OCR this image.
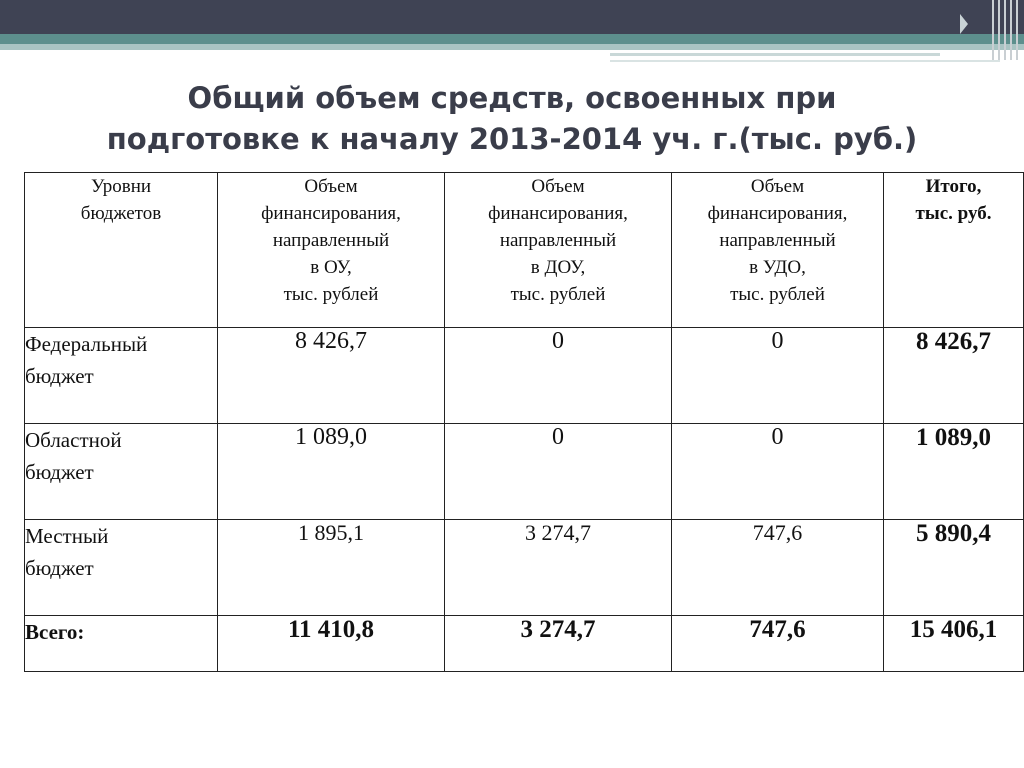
Общий объем средств, освоенных при
подготовке к началу 2013-2014 уч. г.(тыс. руб.)
Уровни
бюджетов	Объем
финансирования,
направленный
в ОУ,
тыс. рублей	Объем
финансирования,
направленный
в ДОУ,
тыс. рублей	Объем
финансирования,
направленный
в УДО,
тыс. рублей	Итого,
тыс. руб.

Федеральный
бюджет	8 426,7	0	0	8 426,7

Областной
бюджет	1 089,0	0	0	1 089,0

Местный
бюджет	1 895,1	3 274,7	747,6	5 890,4

Всего:	11 410,8	3 274,7	747,6	15 406,1
